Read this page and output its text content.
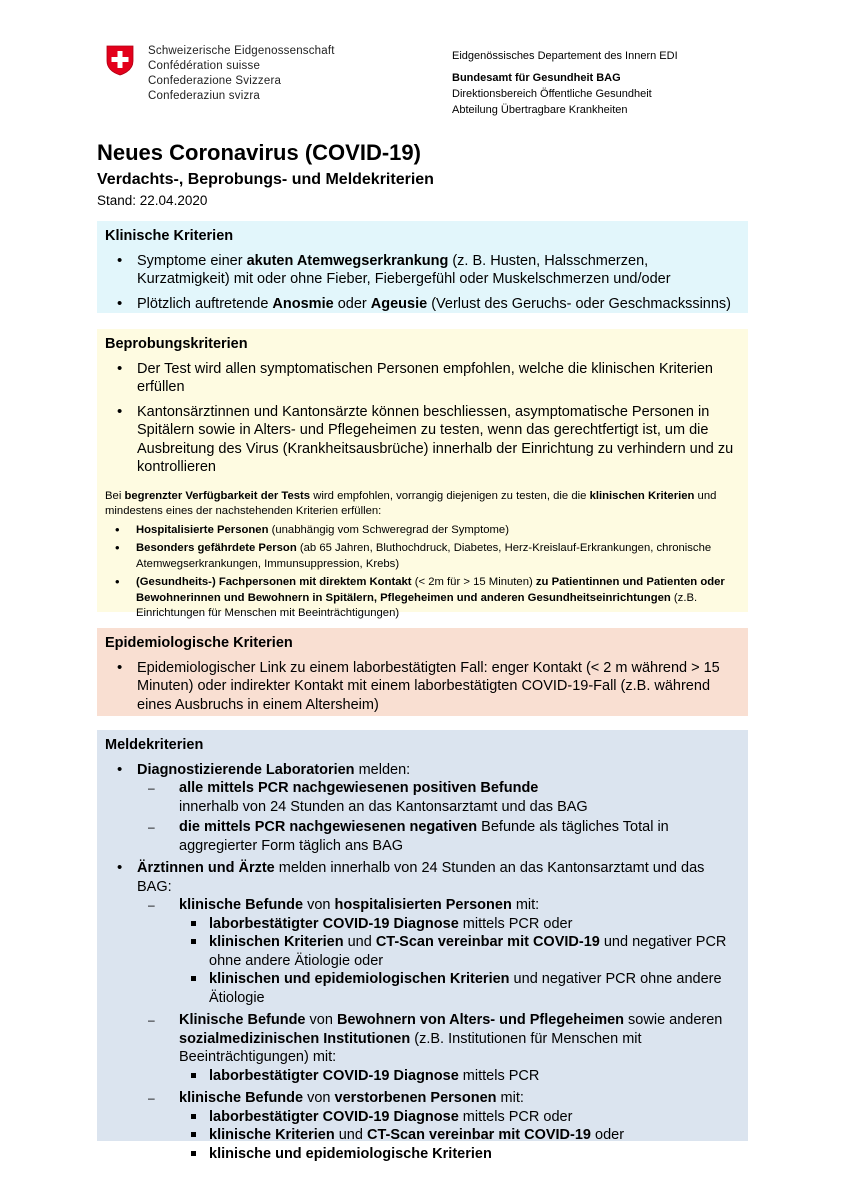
Schweizerische Eidgenossenschaft
Confédération suisse
Confederazione Svizzera
Confederaziun svizra
Eidgenössisches Departement des Innern EDI
Bundesamt für Gesundheit BAG
Direktionsbereich Öffentliche Gesundheit
Abteilung Übertragbare Krankheiten
Neues Coronavirus (COVID-19)
Verdachts-, Beprobungs- und Meldekriterien
Stand: 22.04.2020
Klinische Kriterien
• Symptome einer akuten Atemwegserkrankung (z. B. Husten, Halsschmerzen, Kurzatmigkeit) mit oder ohne Fieber, Fiebergefühl oder Muskelschmerzen und/oder
• Plötzlich auftretende Anosmie oder Ageusie (Verlust des Geruchs- oder Geschmackssinns)
Beprobungskriterien
• Der Test wird allen symptomatischen Personen empfohlen, welche die klinischen Kriterien erfüllen
• Kantonsärztinnen und Kantonsärzte können beschliessen, asymptomatische Personen in Spitälern sowie in Alters- und Pflegeheimen zu testen, wenn das gerechtfertigt ist, um die Ausbreitung des Virus (Krankheitsausbrüche) innerhalb der Einrichtung zu verhindern und zu kontrollieren
Bei begrenzter Verfügbarkeit der Tests wird empfohlen, vorrangig diejenigen zu testen, die die klinischen Kriterien und mindestens eines der nachstehenden Kriterien erfüllen:
• Hospitalisierte Personen (unabhängig vom Schweregrad der Symptome)
• Besonders gefährdete Person (ab 65 Jahren, Bluthochdruck, Diabetes, Herz-Kreislauf-Erkrankungen, chronische Atemwegserkrankungen, Immunsuppression, Krebs)
• (Gesundheits-) Fachpersonen mit direktem Kontakt (< 2m für > 15 Minuten) zu Patientinnen und Patienten oder Bewohnerinnen und Bewohnern in Spitälern, Pflegeheimen und anderen Gesundheitseinrichtungen (z.B. Einrichtungen für Menschen mit Beeinträchtigungen)
Epidemiologische Kriterien
• Epidemiologischer Link zu einem laborbestätigten Fall: enger Kontakt (< 2 m während > 15 Minuten) oder indirekter Kontakt mit einem laborbestätigten COVID-19-Fall (z.B. während eines Ausbruchs in einem Altersheim)
Meldekriterien
• Diagnostizierende Laboratorien melden:
– alle mittels PCR nachgewiesenen positiven Befunde
innerhalb von 24 Stunden an das Kantonsarztamt und das BAG
– die mittels PCR nachgewiesenen negativen Befunde als tägliches Total in aggregierter Form täglich ans BAG
• Ärztinnen und Ärzte melden innerhalb von 24 Stunden an das Kantonsarztamt und das BAG:
– klinische Befunde von hospitalisierten Personen mit:
laborbestätigter COVID-19 Diagnose mittels PCR oder
klinischen Kriterien und CT-Scan vereinbar mit COVID-19 und negativer PCR ohne andere Ätiologie oder
klinischen und epidemiologischen Kriterien und negativer PCR ohne andere Ätiologie
– Klinische Befunde von Bewohnern von Alters- und Pflegeheimen sowie anderen sozialmedizinischen Institutionen (z.B. Institutionen für Menschen mit Beeinträchtigungen) mit:
laborbestätigter COVID-19 Diagnose mittels PCR
– klinische Befunde von verstorbenen Personen mit:
laborbestätigter COVID-19 Diagnose mittels PCR oder
klinische Kriterien und CT-Scan vereinbar mit COVID-19 oder
klinische und epidemiologische Kriterien
